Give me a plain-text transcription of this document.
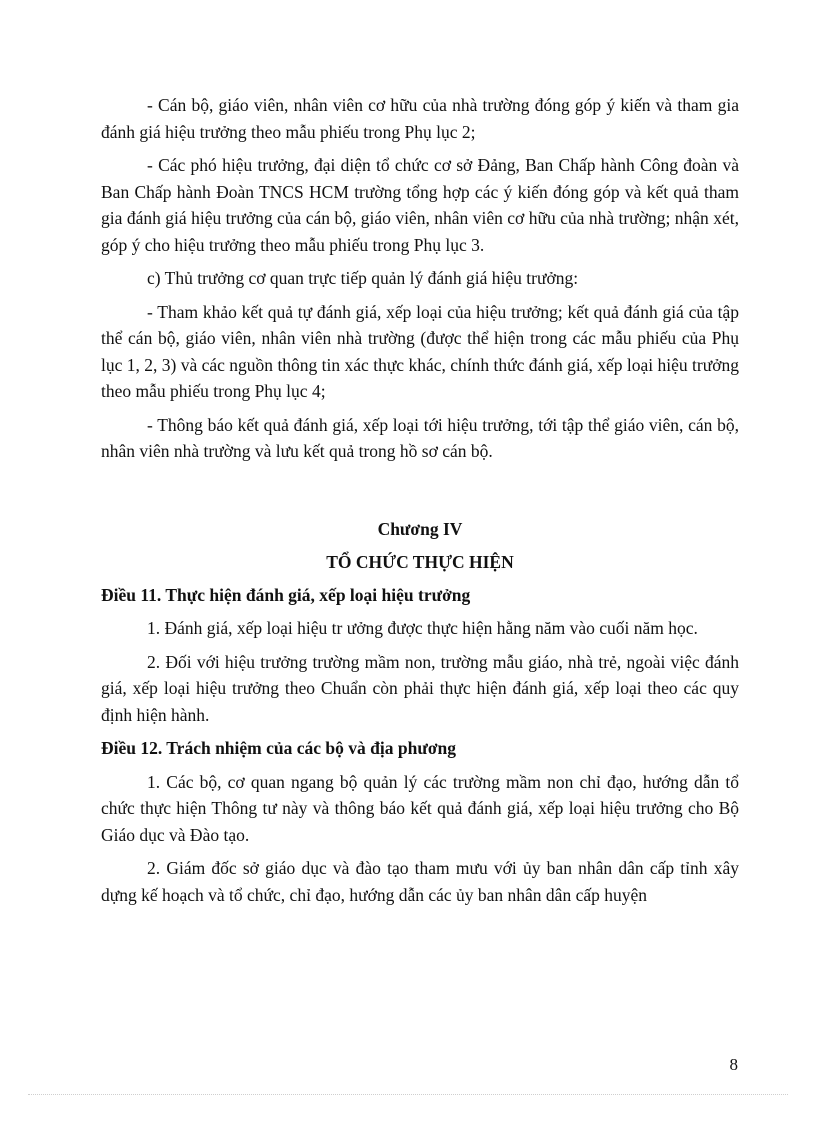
- Cán bộ, giáo viên, nhân viên cơ hữu của nhà trường đóng góp ý kiến và tham gia đánh giá hiệu trưởng theo mẫu phiếu trong Phụ lục 2;

- Các phó hiệu trưởng, đại diện tổ chức cơ sở Đảng, Ban Chấp hành Công đoàn và Ban Chấp hành Đoàn TNCS HCM trường tổng hợp các ý kiến đóng góp và kết quả tham gia đánh giá hiệu trưởng của cán bộ, giáo viên, nhân viên cơ hữu của nhà trường; nhận xét, góp ý cho hiệu trưởng theo mẫu phiếu trong Phụ lục 3.

c) Thủ trưởng cơ quan trực tiếp quản lý đánh giá hiệu trưởng:

- Tham khảo kết quả tự đánh giá, xếp loại của hiệu trưởng; kết quả đánh giá của tập thể cán bộ, giáo viên, nhân viên nhà trường (được thể hiện trong các mẫu phiếu của Phụ lục 1, 2, 3) và các nguồn thông tin xác thực khác, chính thức đánh giá, xếp loại hiệu trưởng theo mẫu phiếu trong Phụ lục 4;

- Thông báo kết quả đánh giá, xếp loại tới hiệu trưởng, tới tập thể giáo viên, cán bộ, nhân viên nhà trường và lưu kết quả trong hồ sơ cán bộ.

Chương IV
TỔ CHỨC THỰC HIỆN

Điều 11. Thực hiện đánh giá, xếp loại hiệu trưởng

1. Đánh giá, xếp loại hiệu tr ưởng được thực hiện hằng năm vào cuối năm học.

2. Đối với hiệu trưởng trường mầm non, trường mẫu giáo, nhà trẻ, ngoài việc đánh giá, xếp loại hiệu trưởng theo Chuẩn còn phải thực hiện đánh giá, xếp loại theo các quy định hiện hành.

Điều 12. Trách nhiệm của các bộ và địa phương

1. Các bộ, cơ quan ngang bộ quản lý các trường mầm non chỉ đạo, hướng dẫn tổ chức thực hiện Thông tư này và thông báo kết quả đánh giá, xếp loại hiệu trưởng cho Bộ Giáo dục và Đào tạo.

2. Giám đốc sở giáo dục và đào tạo tham mưu với ủy ban nhân dân cấp tỉnh xây dựng kế hoạch và tổ chức, chỉ đạo, hướng dẫn các ủy ban nhân dân cấp huyện

8
